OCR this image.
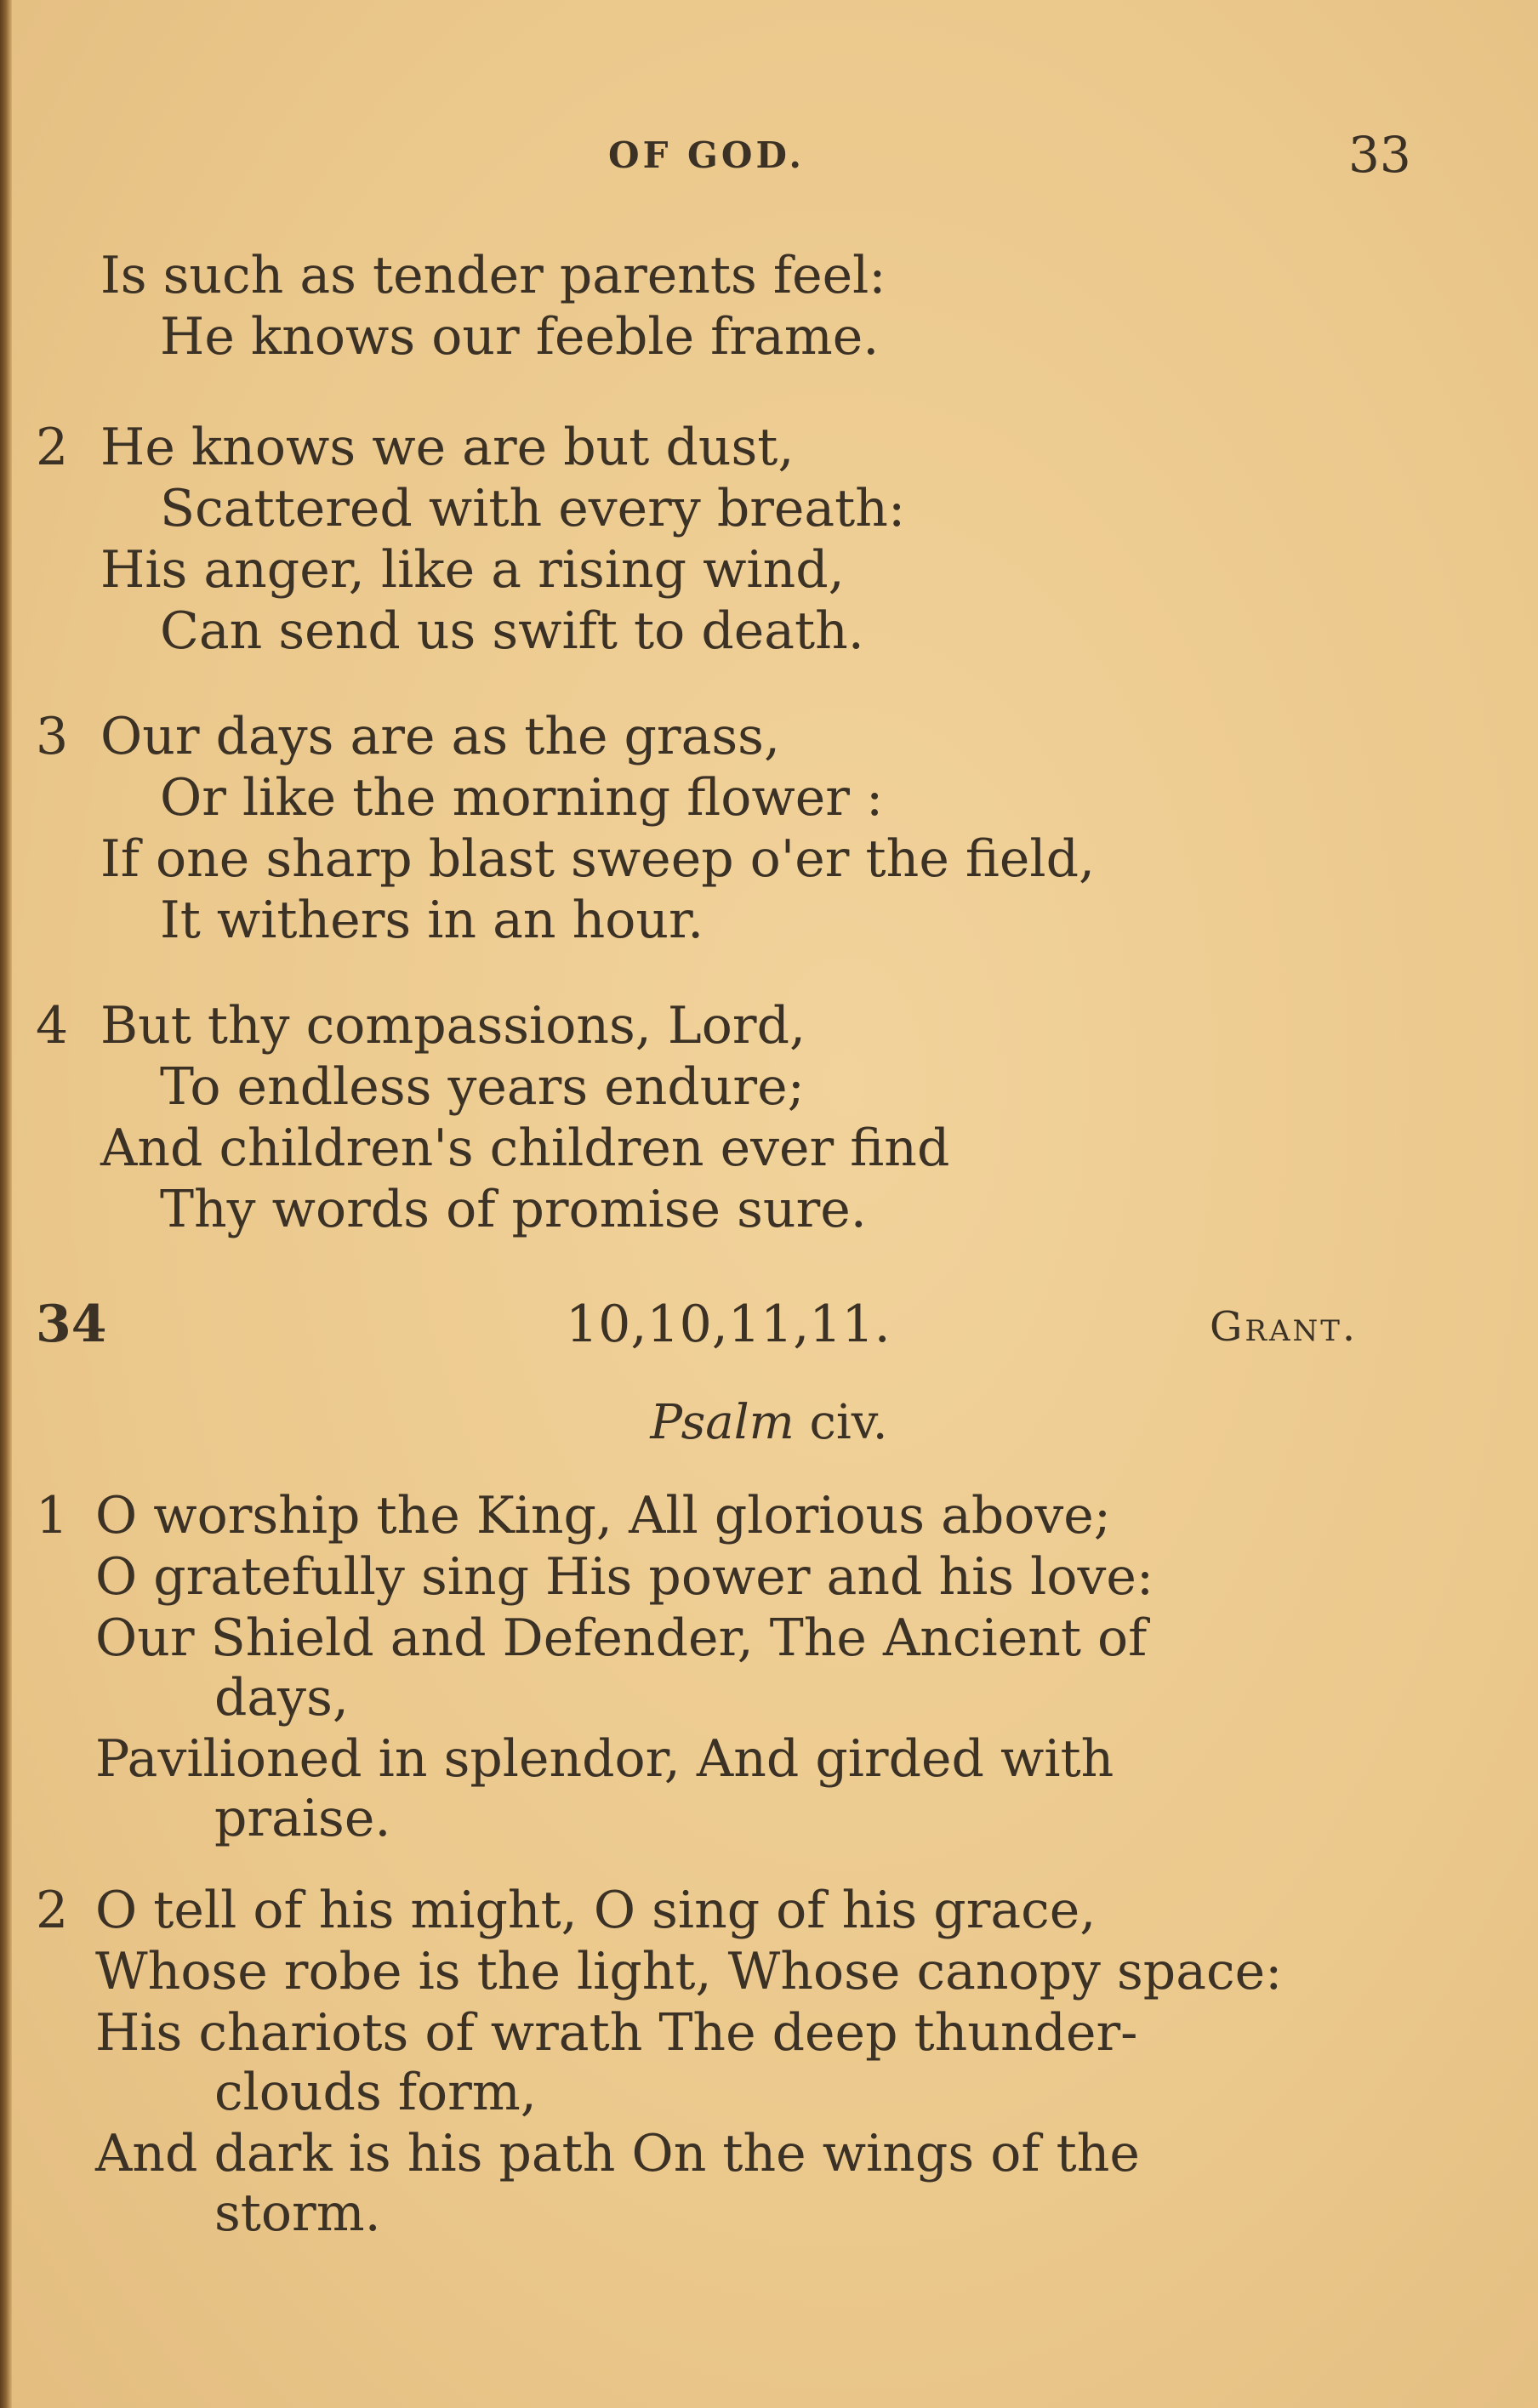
OF GOD.	33
Is such as tender parents feel:
He knows our feeble frame.
2 He knows we are but dust,
Scattered with every breath:
His anger, like a rising wind,
Can send us swift to death.
3 Our days are as the grass,
Or like the morning flower :
If one sharp blast sweep o'er the field,
It withers in an hour.
4 But thy compassions, Lord,
To endless years endure;
And children's children ever find
Thy words of promise sure.
34	10,10,11,11.	Grant.
Psalm civ.
1 O worship the King, All glorious above;
O gratefully sing His power and his love:
Our Shield and Defender, The Ancient of
days,
Pavilioned in splendor, And girded with
praise.
2 O tell of his might, O sing of his grace,
Whose robe is the light, Whose canopy space:
His chariots of wrath The deep thunder-
clouds form,
And dark is his path On the wings of the
storm.
